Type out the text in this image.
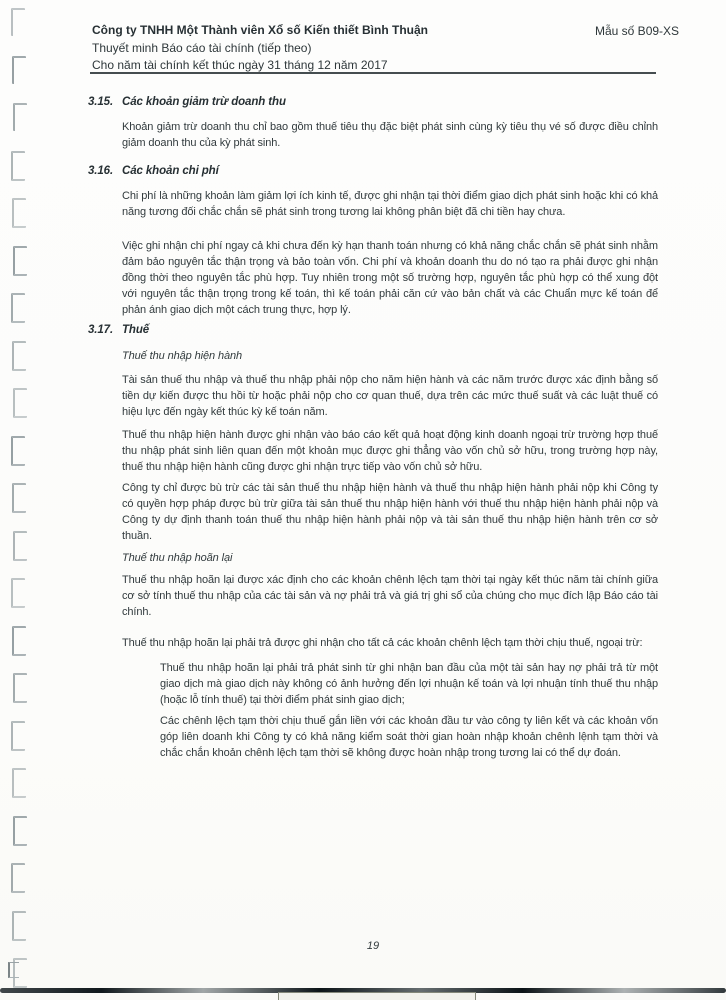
Công ty TNHH Một Thành viên Xổ số Kiến thiết Bình Thuận
Thuyết minh Báo cáo tài chính (tiếp theo)
Cho năm tài chính kết thúc ngày 31 tháng 12 năm 2017
Mẫu số B09-XS
3.15. Các khoản giảm trừ doanh thu

Khoản giảm trừ doanh thu chỉ bao gồm thuế tiêu thụ đặc biệt phát sinh cùng kỳ tiêu thụ vé số được điều chỉnh giảm doanh thu của kỳ phát sinh.

3.16. Các khoản chi phí

Chi phí là những khoản làm giảm lợi ích kinh tế, được ghi nhận tại thời điểm giao dịch phát sinh hoặc khi có khả năng tương đối chắc chắn sẽ phát sinh trong tương lai không phân biệt đã chi tiền hay chưa.

Việc ghi nhận chi phí ngay cả khi chưa đến kỳ hạn thanh toán nhưng có khả năng chắc chắn sẽ phát sinh nhằm đảm bảo nguyên tắc thận trọng và bảo toàn vốn. Chi phí và khoản doanh thu do nó tạo ra phải được ghi nhận đồng thời theo nguyên tắc phù hợp. Tuy nhiên trong một số trường hợp, nguyên tắc phù hợp có thể xung đột với nguyên tắc thận trọng trong kế toán, thì kế toán phải căn cứ vào bản chất và các Chuẩn mực kế toán để phản ánh giao dịch một cách trung thực, hợp lý.

3.17. Thuế

Thuế thu nhập hiện hành

Tài sản thuế thu nhập và thuế thu nhập phải nộp cho năm hiện hành và các năm trước được xác định bằng số tiền dự kiến được thu hồi từ hoặc phải nộp cho cơ quan thuế, dựa trên các mức thuế suất và các luật thuế có hiệu lực đến ngày kết thúc kỳ kế toán năm.

Thuế thu nhập hiện hành được ghi nhận vào báo cáo kết quả hoạt động kinh doanh ngoại trừ trường hợp thuế thu nhập phát sinh liên quan đến một khoản mục được ghi thẳng vào vốn chủ sở hữu, trong trường hợp này, thuế thu nhập hiện hành cũng được ghi nhận trực tiếp vào vốn chủ sở hữu.

Công ty chỉ được bù trừ các tài sản thuế thu nhập hiện hành và thuế thu nhập hiện hành phải nộp khi Công ty có quyền hợp pháp được bù trừ giữa tài sản thuế thu nhập hiện hành với thuế thu nhập hiện hành phải nộp và Công ty dự định thanh toán thuế thu nhập hiện hành phải nộp và tài sản thuế thu nhập hiện hành trên cơ sở thuần.

Thuế thu nhập hoãn lại

Thuế thu nhập hoãn lại được xác định cho các khoản chênh lệch tạm thời tại ngày kết thúc năm tài chính giữa cơ sở tính thuế thu nhập của các tài sản và nợ phải trả và giá trị ghi sổ của chúng cho mục đích lập Báo cáo tài chính.

Thuế thu nhập hoãn lại phải trả được ghi nhận cho tất cả các khoản chênh lệch tạm thời chịu thuế, ngoại trừ:

Thuế thu nhập hoãn lại phải trả phát sinh từ ghi nhận ban đầu của một tài sản hay nợ phải trả từ một giao dịch mà giao dịch này không có ảnh hưởng đến lợi nhuận kế toán và lợi nhuận tính thuế thu nhập (hoặc lỗ tính thuế) tại thời điểm phát sinh giao dịch;

Các chênh lệch tạm thời chịu thuế gắn liền với các khoản đầu tư vào công ty liên kết và các khoản vốn góp liên doanh khi Công ty có khả năng kiểm soát thời gian hoàn nhập khoản chênh lệnh tạm thời và chắc chắn khoản chênh lệch tạm thời sẽ không được hoàn nhập trong tương lai có thể dự đoán.

19
